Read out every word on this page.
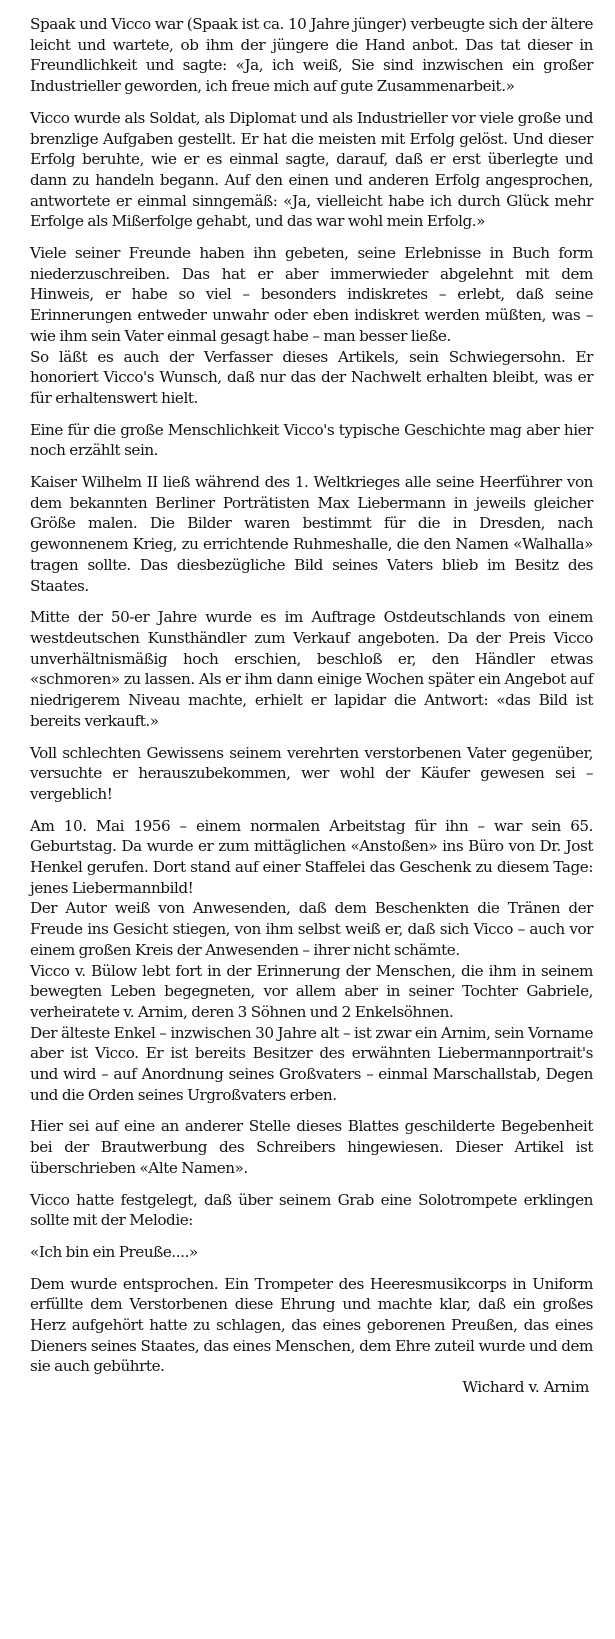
Spaak und Vicco war (Spaak ist ca. 10 Jahre jünger) verbeugte sich der ältere leicht und wartete, ob ihm der jüngere die Hand anbot. Das tat dieser in Freundlichkeit und sagte: «Ja, ich weiß, Sie sind inzwischen ein großer Industrieller geworden, ich freue mich auf gute Zusammenarbeit.»

Vicco wurde als Soldat, als Diplomat und als Industrieller vor viele große und brenzlige Aufgaben gestellt. Er hat die meisten mit Erfolg gelöst. Und dieser Erfolg beruhte, wie er es einmal sagte, darauf, daß er erst überlegte und dann zu handeln begann. Auf den einen und anderen Erfolg angesprochen, antwortete er einmal sinngemäß: «Ja, vielleicht habe ich durch Glück mehr Erfolge als Mißerfolge gehabt, und das war wohl mein Erfolg.»

Viele seiner Freunde haben ihn gebeten, seine Erlebnisse in Buch form niederzuschreiben. Das hat er aber immerwieder abgelehnt mit dem Hinweis, er habe so viel – besonders indiskretes – erlebt, daß seine Erinnerungen entweder unwahr oder eben indiskret werden müßten, was – wie ihm sein Vater einmal gesagt habe – man besser ließe.

So läßt es auch der Verfasser dieses Artikels, sein Schwiegersohn. Er honoriert Vicco's Wunsch, daß nur das der Nachwelt erhalten bleibt, was er für erhaltenswert hielt.

Eine für die große Menschlichkeit Vicco's typische Geschichte mag aber hier noch erzählt sein.

Kaiser Wilhelm II ließ während des 1. Weltkrieges alle seine Heerführer von dem bekannten Berliner Porträtisten Max Liebermann in jeweils gleicher Größe malen. Die Bilder waren bestimmt für die in Dresden, nach gewonnenem Krieg, zu errichtende Ruhmeshalle, die den Namen «Walhalla» tragen sollte. Das diesbezügliche Bild seines Vaters blieb im Besitz des Staates.

Mitte der 50-er Jahre wurde es im Auftrage Ostdeutschlands von einem westdeutschen Kunsthändler zum Verkauf angeboten. Da der Preis Vicco unverhältnismäßig hoch erschien, beschloß er, den Händler etwas «schmoren» zu lassen. Als er ihm dann einige Wochen später ein Angebot auf niedrigerem Niveau machte, erhielt er lapidar die Antwort: «das Bild ist bereits verkauft.»

Voll schlechten Gewissens seinem verehrten verstorbenen Vater gegenüber, versuchte er herauszubekommen, wer wohl der Käufer gewesen sei – vergeblich!

Am 10. Mai 1956 – einem normalen Arbeitstag für ihn – war sein 65. Geburtstag. Da wurde er zum mittäglichen «Anstoßen» ins Büro von Dr. Jost Henkel gerufen. Dort stand auf einer Staffelei das Geschenk zu diesem Tage: jenes Liebermannbild!

Der Autor weiß von Anwesenden, daß dem Beschenkten die Tränen der Freude ins Gesicht stiegen, von ihm selbst weiß er, daß sich Vicco – auch vor einem großen Kreis der Anwesenden – ihrer nicht schämte.

Vicco v. Bülow lebt fort in der Erinnerung der Menschen, die ihm in seinem bewegten Leben begegneten, vor allem aber in seiner Tochter Gabriele, verheiratete v. Arnim, deren 3 Söhnen und 2 Enkelsöhnen.

Der älteste Enkel – inzwischen 30 Jahre alt – ist zwar ein Arnim, sein Vorname aber ist Vicco. Er ist bereits Besitzer des erwähnten Liebermannportrait's und wird – auf Anordnung seines Großvaters – einmal Marschallstab, Degen und die Orden seines Urgroßvaters erben.

Hier sei auf eine an anderer Stelle dieses Blattes geschilderte Begebenheit bei der Brautwerbung des Schreibers hingewiesen. Dieser Artikel ist überschrieben «Alte Namen».

Vicco hatte festgelegt, daß über seinem Grab eine Solotrompete erklingen sollte mit der Melodie:

«Ich bin ein Preuße....»

Dem wurde entsprochen. Ein Trompeter des Heeresmusikcorps in Uniform erfüllte dem Verstorbenen diese Ehrung und machte klar, daß ein großes Herz aufgehört hatte zu schlagen, das eines geborenen Preußen, das eines Dieners seines Staates, das eines Menschen, dem Ehre zuteil wurde und dem sie auch gebührte.

Wichard v. Arnim
